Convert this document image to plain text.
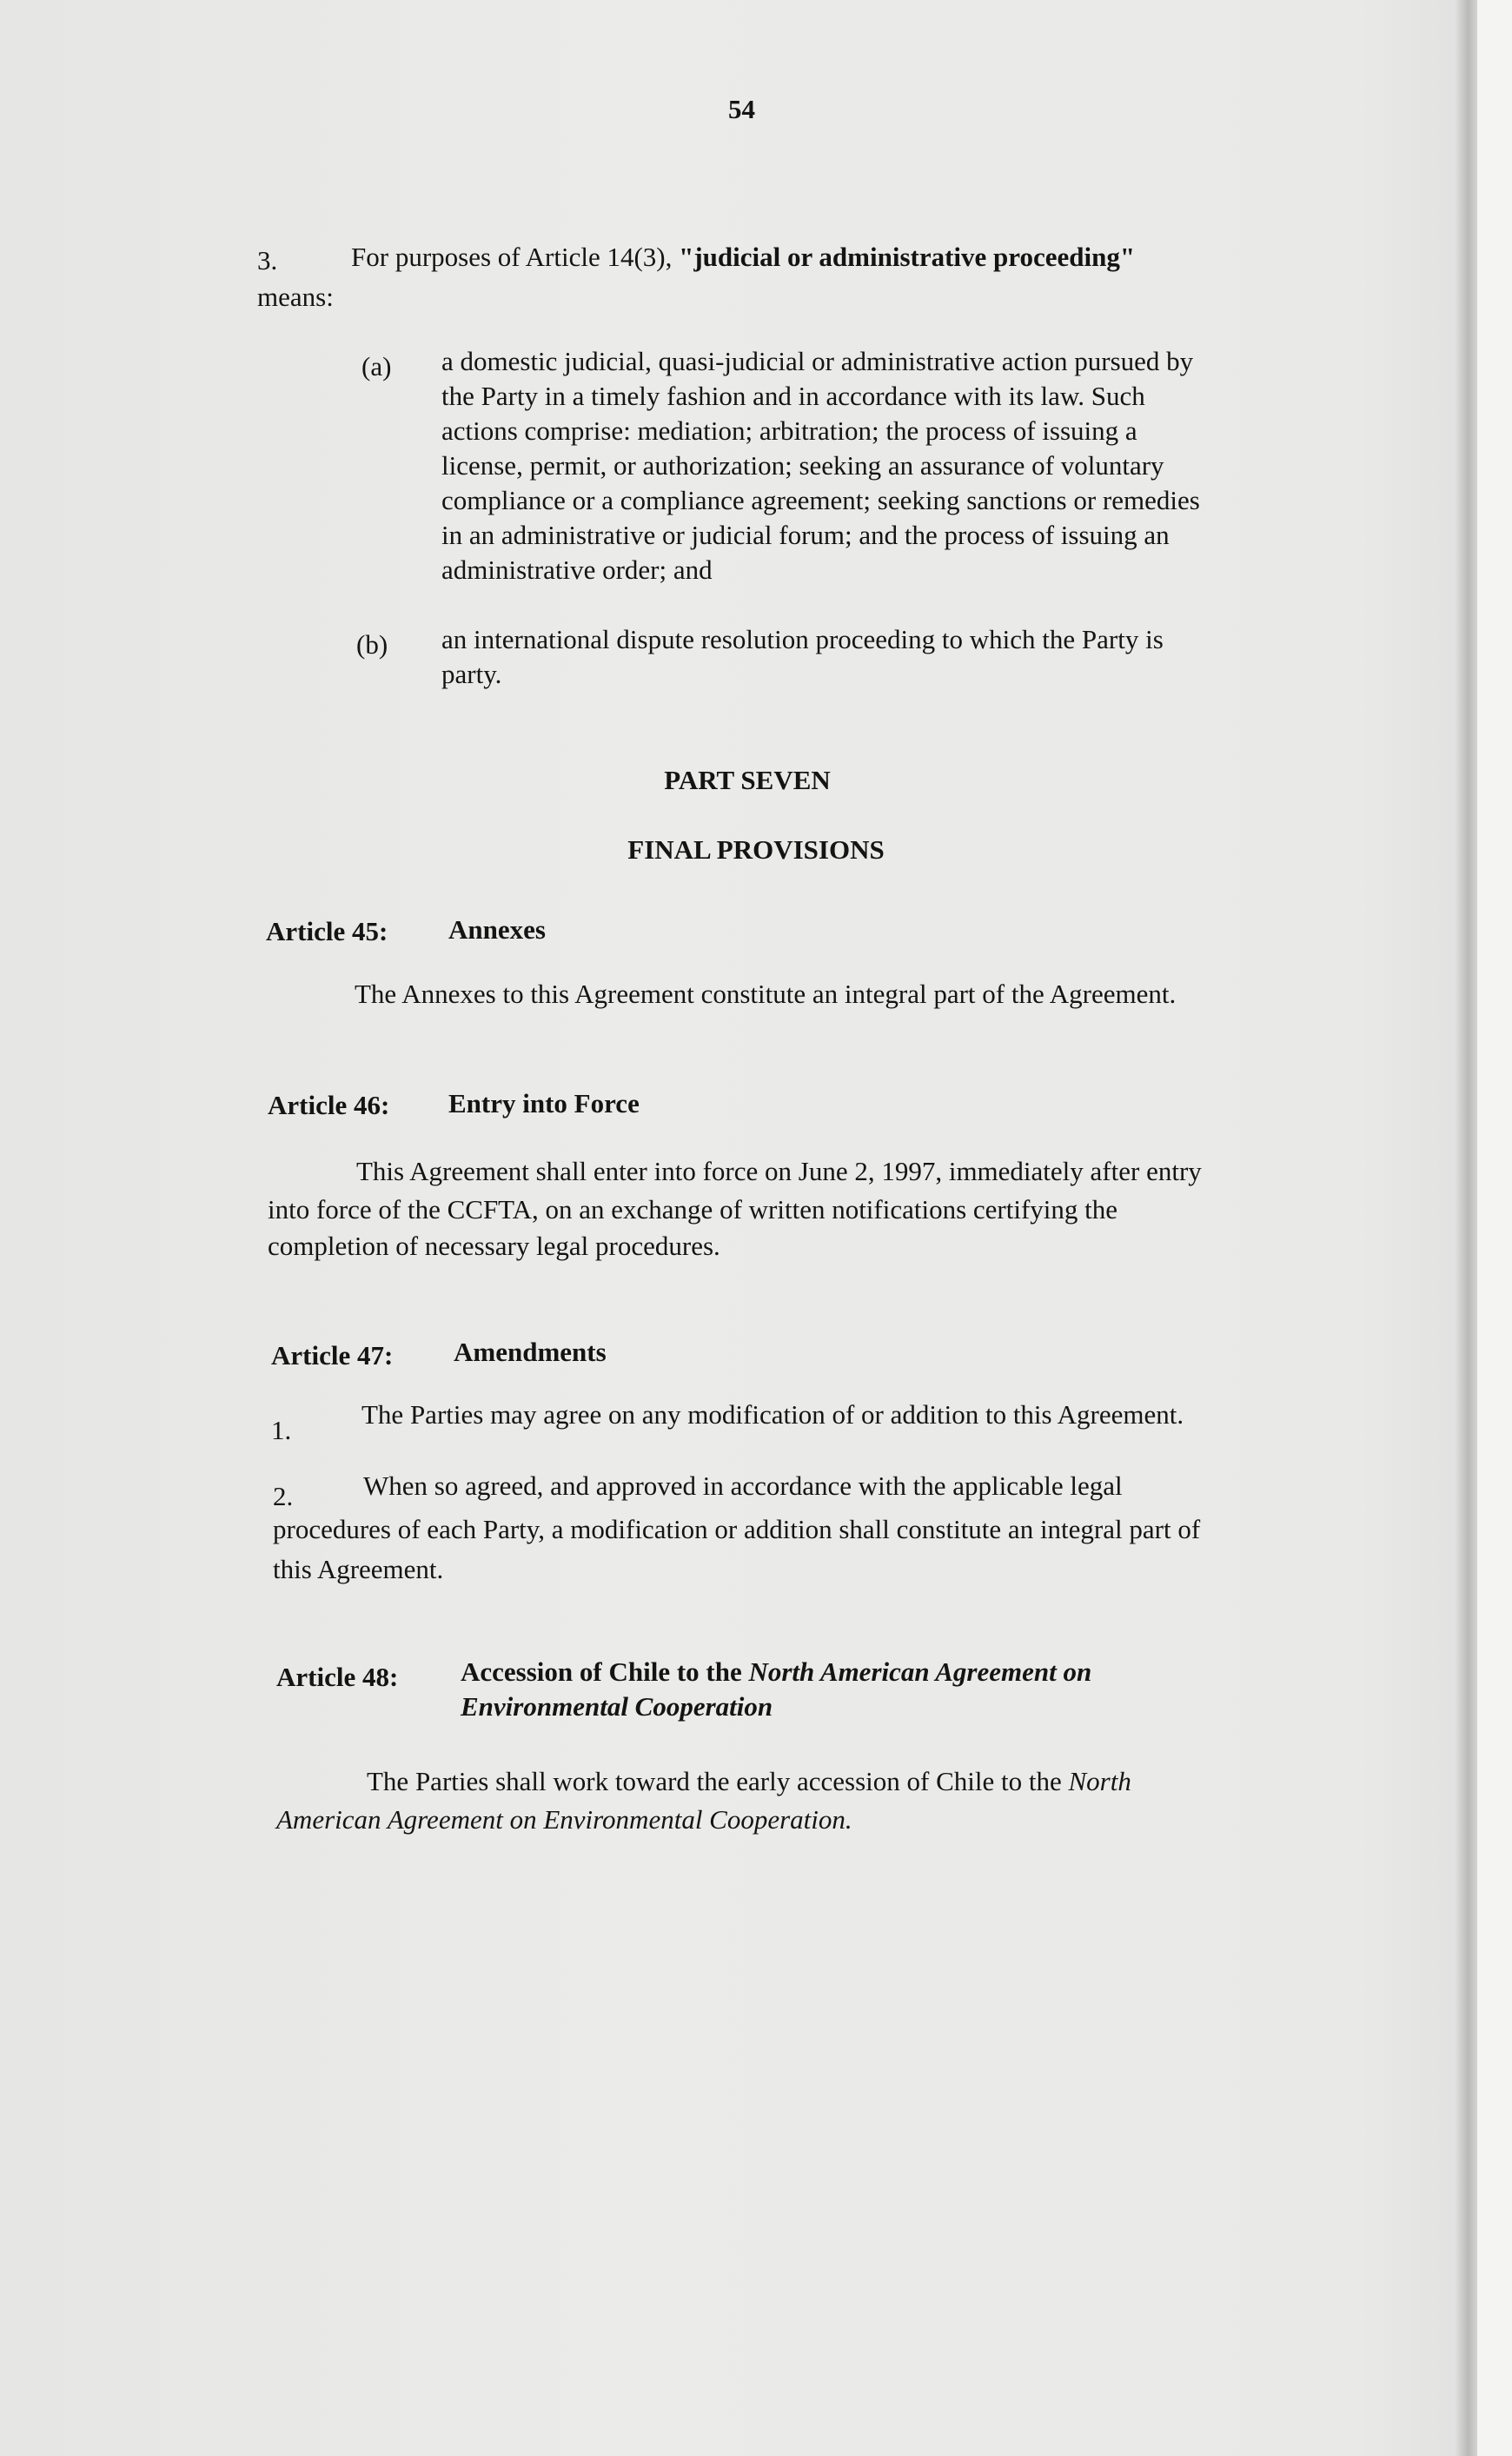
54
3.	For purposes of Article 14(3), "judicial or administrative proceeding"
means:
(a) a domestic judicial, quasi-judicial or administrative action pursued by
the Party in a timely fashion and in accordance with its law. Such
actions comprise: mediation; arbitration; the process of issuing a
license, permit, or authorization; seeking an assurance of voluntary
compliance or a compliance agreement; seeking sanctions or remedies
in an administrative or judicial forum; and the process of issuing an
administrative order; and
(b) an international dispute resolution proceeding to which the Party is
party.
PART SEVEN
FINAL PROVISIONS
Article 45: Annexes
The Annexes to this Agreement constitute an integral part of the Agreement.
Article 46: Entry into Force
This Agreement shall enter into force on June 2, 1997, immediately after entry
into force of the CCFTA, on an exchange of written notifications certifying the
completion of necessary legal procedures.
Article 47: Amendments
1.
The Parties may agree on any modification of or addition to this Agreement.
2.	When so agreed, and approved in accordance with the applicable legal
procedures of each Party, a modification or addition shall constitute an integral part of
this Agreement.
Article 48: Accession of Chile to the North American Agreement on
Environmental Cooperation
The Parties shall work toward the early accession of Chile to the North
American Agreement on Environmental Cooperation.
